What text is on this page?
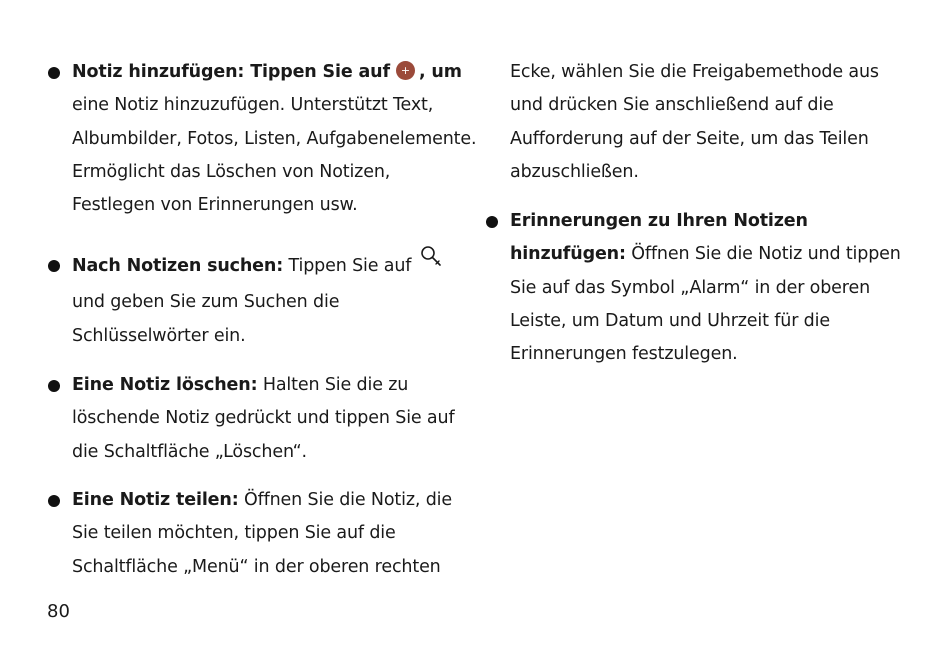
Notiz hinzufügen: Tippen Sie auf + , um
eine Notiz hinzuzufügen. Unterstützt Text,
Albumbilder, Fotos, Listen, Aufgabenelemente.
Ermöglicht das Löschen von Notizen,
Festlegen von Erinnerungen usw.
Nach Notizen suchen: Tippen Sie auf
und geben Sie zum Suchen die
Schlüsselwörter ein.
Eine Notiz löschen: Halten Sie die zu
löschende Notiz gedrückt und tippen Sie auf
die Schaltfläche „Löschen“.
Eine Notiz teilen: Öffnen Sie die Notiz, die
Sie teilen möchten, tippen Sie auf die
Schaltfläche „Menü“ in der oberen rechten
Ecke, wählen Sie die Freigabemethode aus
und drücken Sie anschließend auf die
Aufforderung auf der Seite, um das Teilen
abzuschließen.
Erinnerungen zu Ihren Notizen
hinzufügen: Öffnen Sie die Notiz und tippen
Sie auf das Symbol „Alarm“ in der oberen
Leiste, um Datum und Uhrzeit für die
Erinnerungen festzulegen.
80
